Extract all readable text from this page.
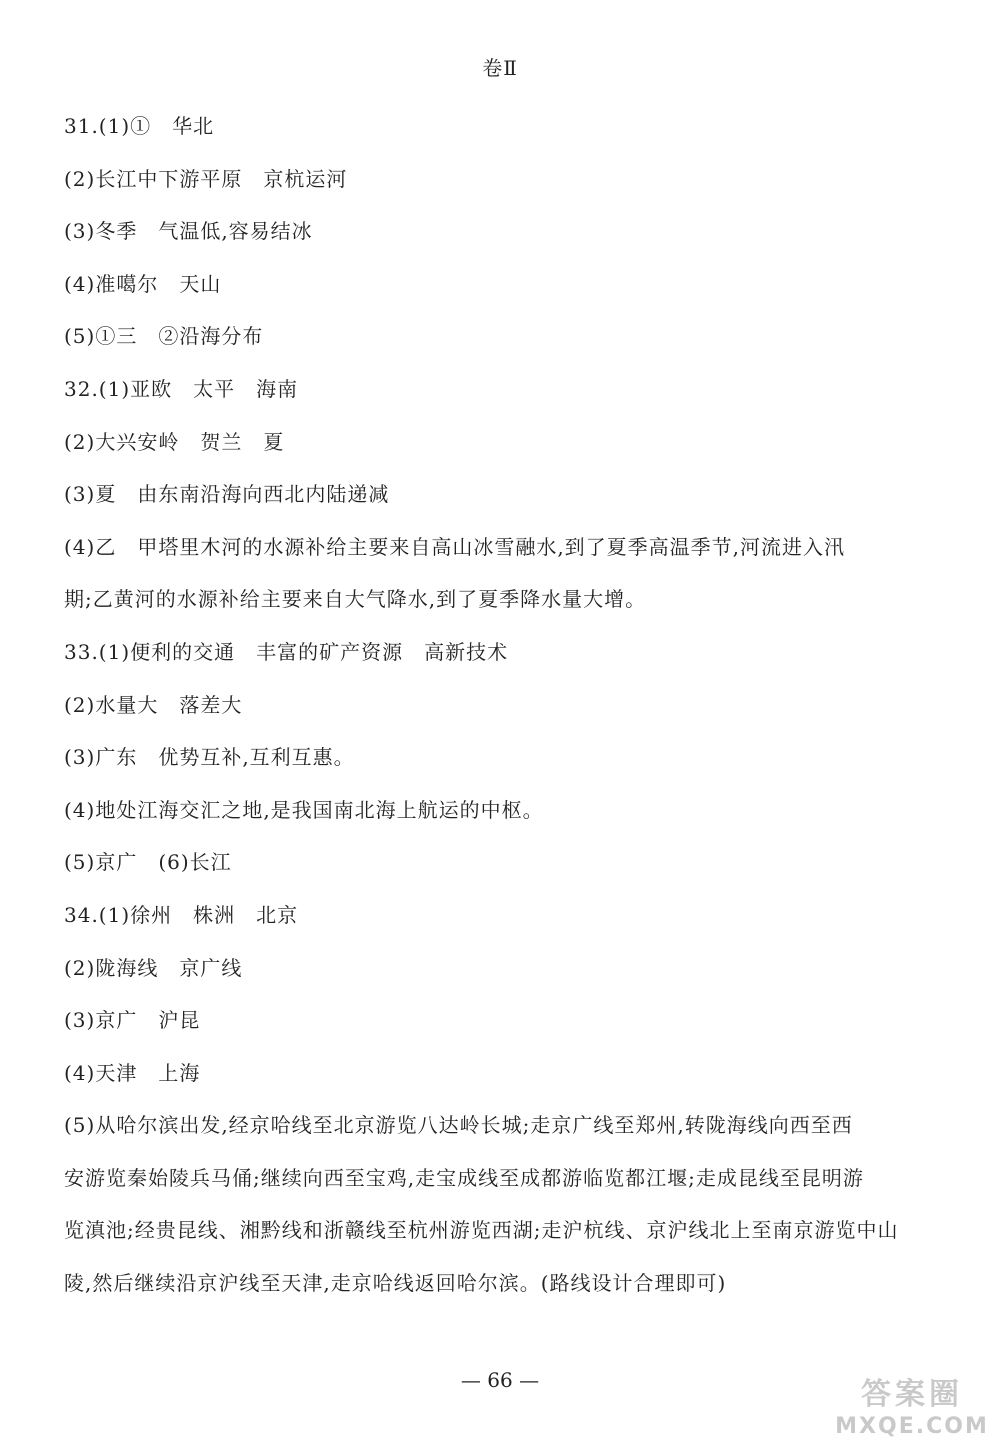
卷Ⅱ
31.(1)①　华北
(2)长江中下游平原　京杭运河
(3)冬季　气温低,容易结冰
(4)准噶尔　天山
(5)①三　②沿海分布
32.(1)亚欧　太平　海南
(2)大兴安岭　贺兰　夏
(3)夏　由东南沿海向西北内陆递减
(4)乙　甲塔里木河的水源补给主要来自高山冰雪融水,到了夏季高温季节,河流进入汛
期;乙黄河的水源补给主要来自大气降水,到了夏季降水量大增。
33.(1)便利的交通　丰富的矿产资源　高新技术
(2)水量大　落差大
(3)广东　优势互补,互利互惠。
(4)地处江海交汇之地,是我国南北海上航运的中枢。
(5)京广　(6)长江
34.(1)徐州　株洲　北京
(2)陇海线　京广线
(3)京广　沪昆
(4)天津　上海
(5)从哈尔滨出发,经京哈线至北京游览八达岭长城;走京广线至郑州,转陇海线向西至西
安游览秦始陵兵马俑;继续向西至宝鸡,走宝成线至成都游临览都江堰;走成昆线至昆明游
览滇池;经贵昆线、湘黔线和浙赣线至杭州游览西湖;走沪杭线、京沪线北上至南京游览中山
陵,然后继续沿京沪线至天津,走京哈线返回哈尔滨。(路线设计合理即可)
— 66 —	答案圈
MXQE.COM
